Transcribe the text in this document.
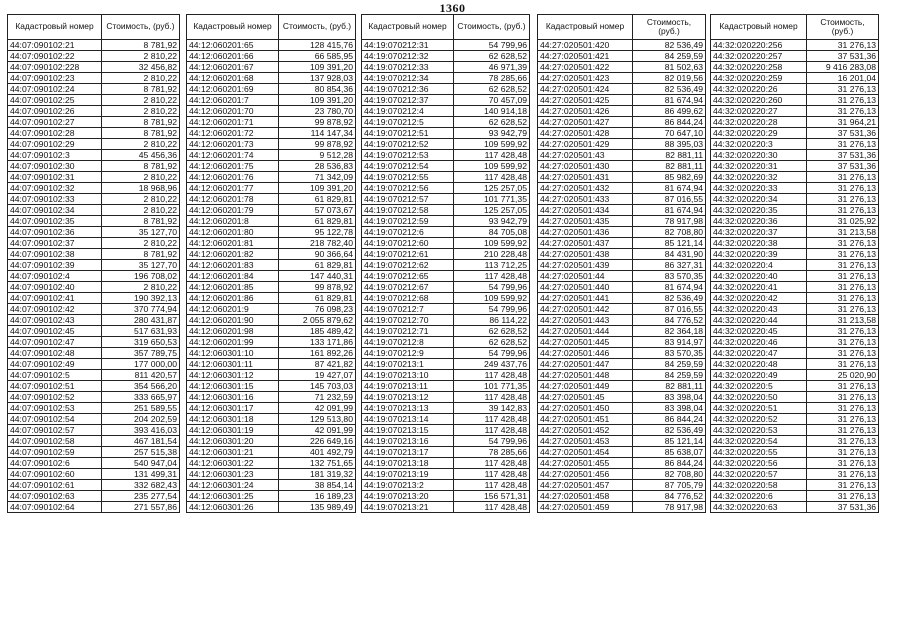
1360
Кадастровый номер	Стоимость, (руб.)
44:07:090102:21	8 781,92
44:07:090102:22	2 810,22
44:07:090102:228	32 456,82
44:07:090102:23	2 810,22
44:07:090102:24	8 781,92
44:07:090102:25	2 810,22
44:07:090102:26	2 810,22
44:07:090102:27	8 781,92
44:07:090102:28	8 781,92
44:07:090102:29	2 810,22
44:07:090102:3	45 456,36
44:07:090102:30	8 781,92
44:07:090102:31	2 810,22
44:07:090102:32	18 968,96
44:07:090102:33	2 810,22
44:07:090102:34	2 810,22
44:07:090102:35	8 781,92
44:07:090102:36	35 127,70
44:07:090102:37	2 810,22
44:07:090102:38	8 781,92
44:07:090102:39	35 127,70
44:07:090102:4	196 708,02
44:07:090102:40	2 810,22
44:07:090102:41	190 392,13
44:07:090102:42	370 774,94
44:07:090102:43	280 431,87
44:07:090102:45	517 631,93
44:07:090102:47	319 650,53
44:07:090102:48	357 789,75
44:07:090102:49	177 000,00
44:07:090102:5	811 420,57
44:07:090102:51	354 566,20
44:07:090102:52	333 665,97
44:07:090102:53	251 589,55
44:07:090102:54	204 202,59
44:07:090102:57	393 416,03
44:07:090102:58	467 181,54
44:07:090102:59	257 515,38
44:07:090102:6	540 947,04
44:07:090102:60	131 499,31
44:07:090102:61	332 682,43
44:07:090102:63	235 277,54
44:07:090102:64	271 557,86
Кадастровый номер	Стоимость, (руб.)
44:12:060201:65	128 415,76
44:12:060201:66	66 585,95
44:12:060201:67	109 391,20
44:12:060201:68	137 928,03
44:12:060201:69	80 854,36
44:12:060201:7	109 391,20
44:12:060201:70	23 780,70
44:12:060201:71	99 878,92
44:12:060201:72	114 147,34
44:12:060201:73	99 878,92
44:12:060201:74	9 512,28
44:12:060201:75	28 536,83
44:12:060201:76	71 342,09
44:12:060201:77	109 391,20
44:12:060201:78	61 829,81
44:12:060201:79	57 073,67
44:12:060201:8	61 829,81
44:12:060201:80	95 122,78
44:12:060201:81	218 782,40
44:12:060201:82	90 366,64
44:12:060201:83	61 829,81
44:12:060201:84	147 440,31
44:12:060201:85	99 878,92
44:12:060201:86	61 829,81
44:12:060201:9	76 098,23
44:12:060201:90	2 055 879,62
44:12:060201:98	185 489,42
44:12:060201:99	133 171,86
44:12:060301:10	161 892,26
44:12:060301:11	87 421,82
44:12:060301:12	19 427,07
44:12:060301:15	145 703,03
44:12:060301:16	71 232,59
44:12:060301:17	42 091,99
44:12:060301:18	129 513,80
44:12:060301:19	42 091,99
44:12:060301:20	226 649,16
44:12:060301:21	401 492,79
44:12:060301:22	132 751,65
44:12:060301:23	181 319,32
44:12:060301:24	38 854,14
44:12:060301:25	16 189,23
44:12:060301:26	135 989,49
Кадастровый номер	Стоимость, (руб.)
44:19:070212:31	54 799,96
44:19:070212:32	62 628,52
44:19:070212:33	46 971,39
44:19:070212:34	78 285,66
44:19:070212:36	62 628,52
44:19:070212:37	70 457,09
44:19:070212:4	140 914,18
44:19:070212:5	62 628,52
44:19:070212:51	93 942,79
44:19:070212:52	109 599,92
44:19:070212:53	117 428,48
44:19:070212:54	109 599,92
44:19:070212:55	117 428,48
44:19:070212:56	125 257,05
44:19:070212:57	101 771,35
44:19:070212:58	125 257,05
44:19:070212:59	93 942,79
44:19:070212:6	84 705,08
44:19:070212:60	109 599,92
44:19:070212:61	210 228,48
44:19:070212:62	113 712,25
44:19:070212:65	117 428,48
44:19:070212:67	54 799,96
44:19:070212:68	109 599,92
44:19:070212:7	54 799,96
44:19:070212:70	86 114,22
44:19:070212:71	62 628,52
44:19:070212:8	62 628,52
44:19:070212:9	54 799,96
44:19:070213:1	249 437,76
44:19:070213:10	117 428,48
44:19:070213:11	101 771,35
44:19:070213:12	117 428,48
44:19:070213:13	39 142,83
44:19:070213:14	117 428,48
44:19:070213:15	117 428,48
44:19:070213:16	54 799,96
44:19:070213:17	78 285,66
44:19:070213:18	117 428,48
44:19:070213:19	117 428,48
44:19:070213:2	117 428,48
44:19:070213:20	156 571,31
44:19:070213:21	117 428,48
Кадастровый номер	Стоимость, (руб.)
44:27:020501:420	82 536,49
44:27:020501:421	84 259,59
44:27:020501:422	81 502,63
44:27:020501:423	82 019,56
44:27:020501:424	82 536,49
44:27:020501:425	81 674,94
44:27:020501:426	86 499,62
44:27:020501:427	86 844,24
44:27:020501:428	70 647,10
44:27:020501:429	88 395,03
44:27:020501:43	82 881,11
44:27:020501:430	82 881,11
44:27:020501:431	85 982,69
44:27:020501:432	81 674,94
44:27:020501:433	87 016,55
44:27:020501:434	81 674,94
44:27:020501:435	78 917,98
44:27:020501:436	82 708,80
44:27:020501:437	85 121,14
44:27:020501:438	84 431,90
44:27:020501:439	86 327,31
44:27:020501:44	83 570,35
44:27:020501:440	81 674,94
44:27:020501:441	82 536,49
44:27:020501:442	87 016,55
44:27:020501:443	84 776,52
44:27:020501:444	82 364,18
44:27:020501:445	83 914,97
44:27:020501:446	83 570,35
44:27:020501:447	84 259,59
44:27:020501:448	84 259,59
44:27:020501:449	82 881,11
44:27:020501:45	83 398,04
44:27:020501:450	83 398,04
44:27:020501:451	86 844,24
44:27:020501:452	82 536,49
44:27:020501:453	85 121,14
44:27:020501:454	85 638,07
44:27:020501:455	86 844,24
44:27:020501:456	82 708,80
44:27:020501:457	87 705,79
44:27:020501:458	84 776,52
44:27:020501:459	78 917,98
Кадастровый номер	Стоимость, (руб.)
44:32:020220:256	31 276,13
44:32:020220:257	37 531,36
44:32:020220:258	9 416 283,08
44:32:020220:259	16 201,04
44:32:020220:26	31 276,13
44:32:020220:260	31 276,13
44:32:020220:27	31 276,13
44:32:020220:28	31 964,21
44:32:020220:29	37 531,36
44:32:020220:3	31 276,13
44:32:020220:30	37 531,36
44:32:020220:31	37 531,36
44:32:020220:32	31 276,13
44:32:020220:33	31 276,13
44:32:020220:34	31 276,13
44:32:020220:35	31 276,13
44:32:020220:36	31 025,92
44:32:020220:37	31 213,58
44:32:020220:38	31 276,13
44:32:020220:39	31 276,13
44:32:020220:4	31 276,13
44:32:020220:40	31 276,13
44:32:020220:41	31 276,13
44:32:020220:42	31 276,13
44:32:020220:43	31 276,13
44:32:020220:44	31 213,58
44:32:020220:45	31 276,13
44:32:020220:46	31 276,13
44:32:020220:47	31 276,13
44:32:020220:48	31 276,13
44:32:020220:49	25 020,90
44:32:020220:5	31 276,13
44:32:020220:50	31 276,13
44:32:020220:51	31 276,13
44:32:020220:52	31 276,13
44:32:020220:53	31 276,13
44:32:020220:54	31 276,13
44:32:020220:55	31 276,13
44:32:020220:56	31 276,13
44:32:020220:57	31 276,13
44:32:020220:58	31 276,13
44:32:020220:6	31 276,13
44:32:020220:63	37 531,36
